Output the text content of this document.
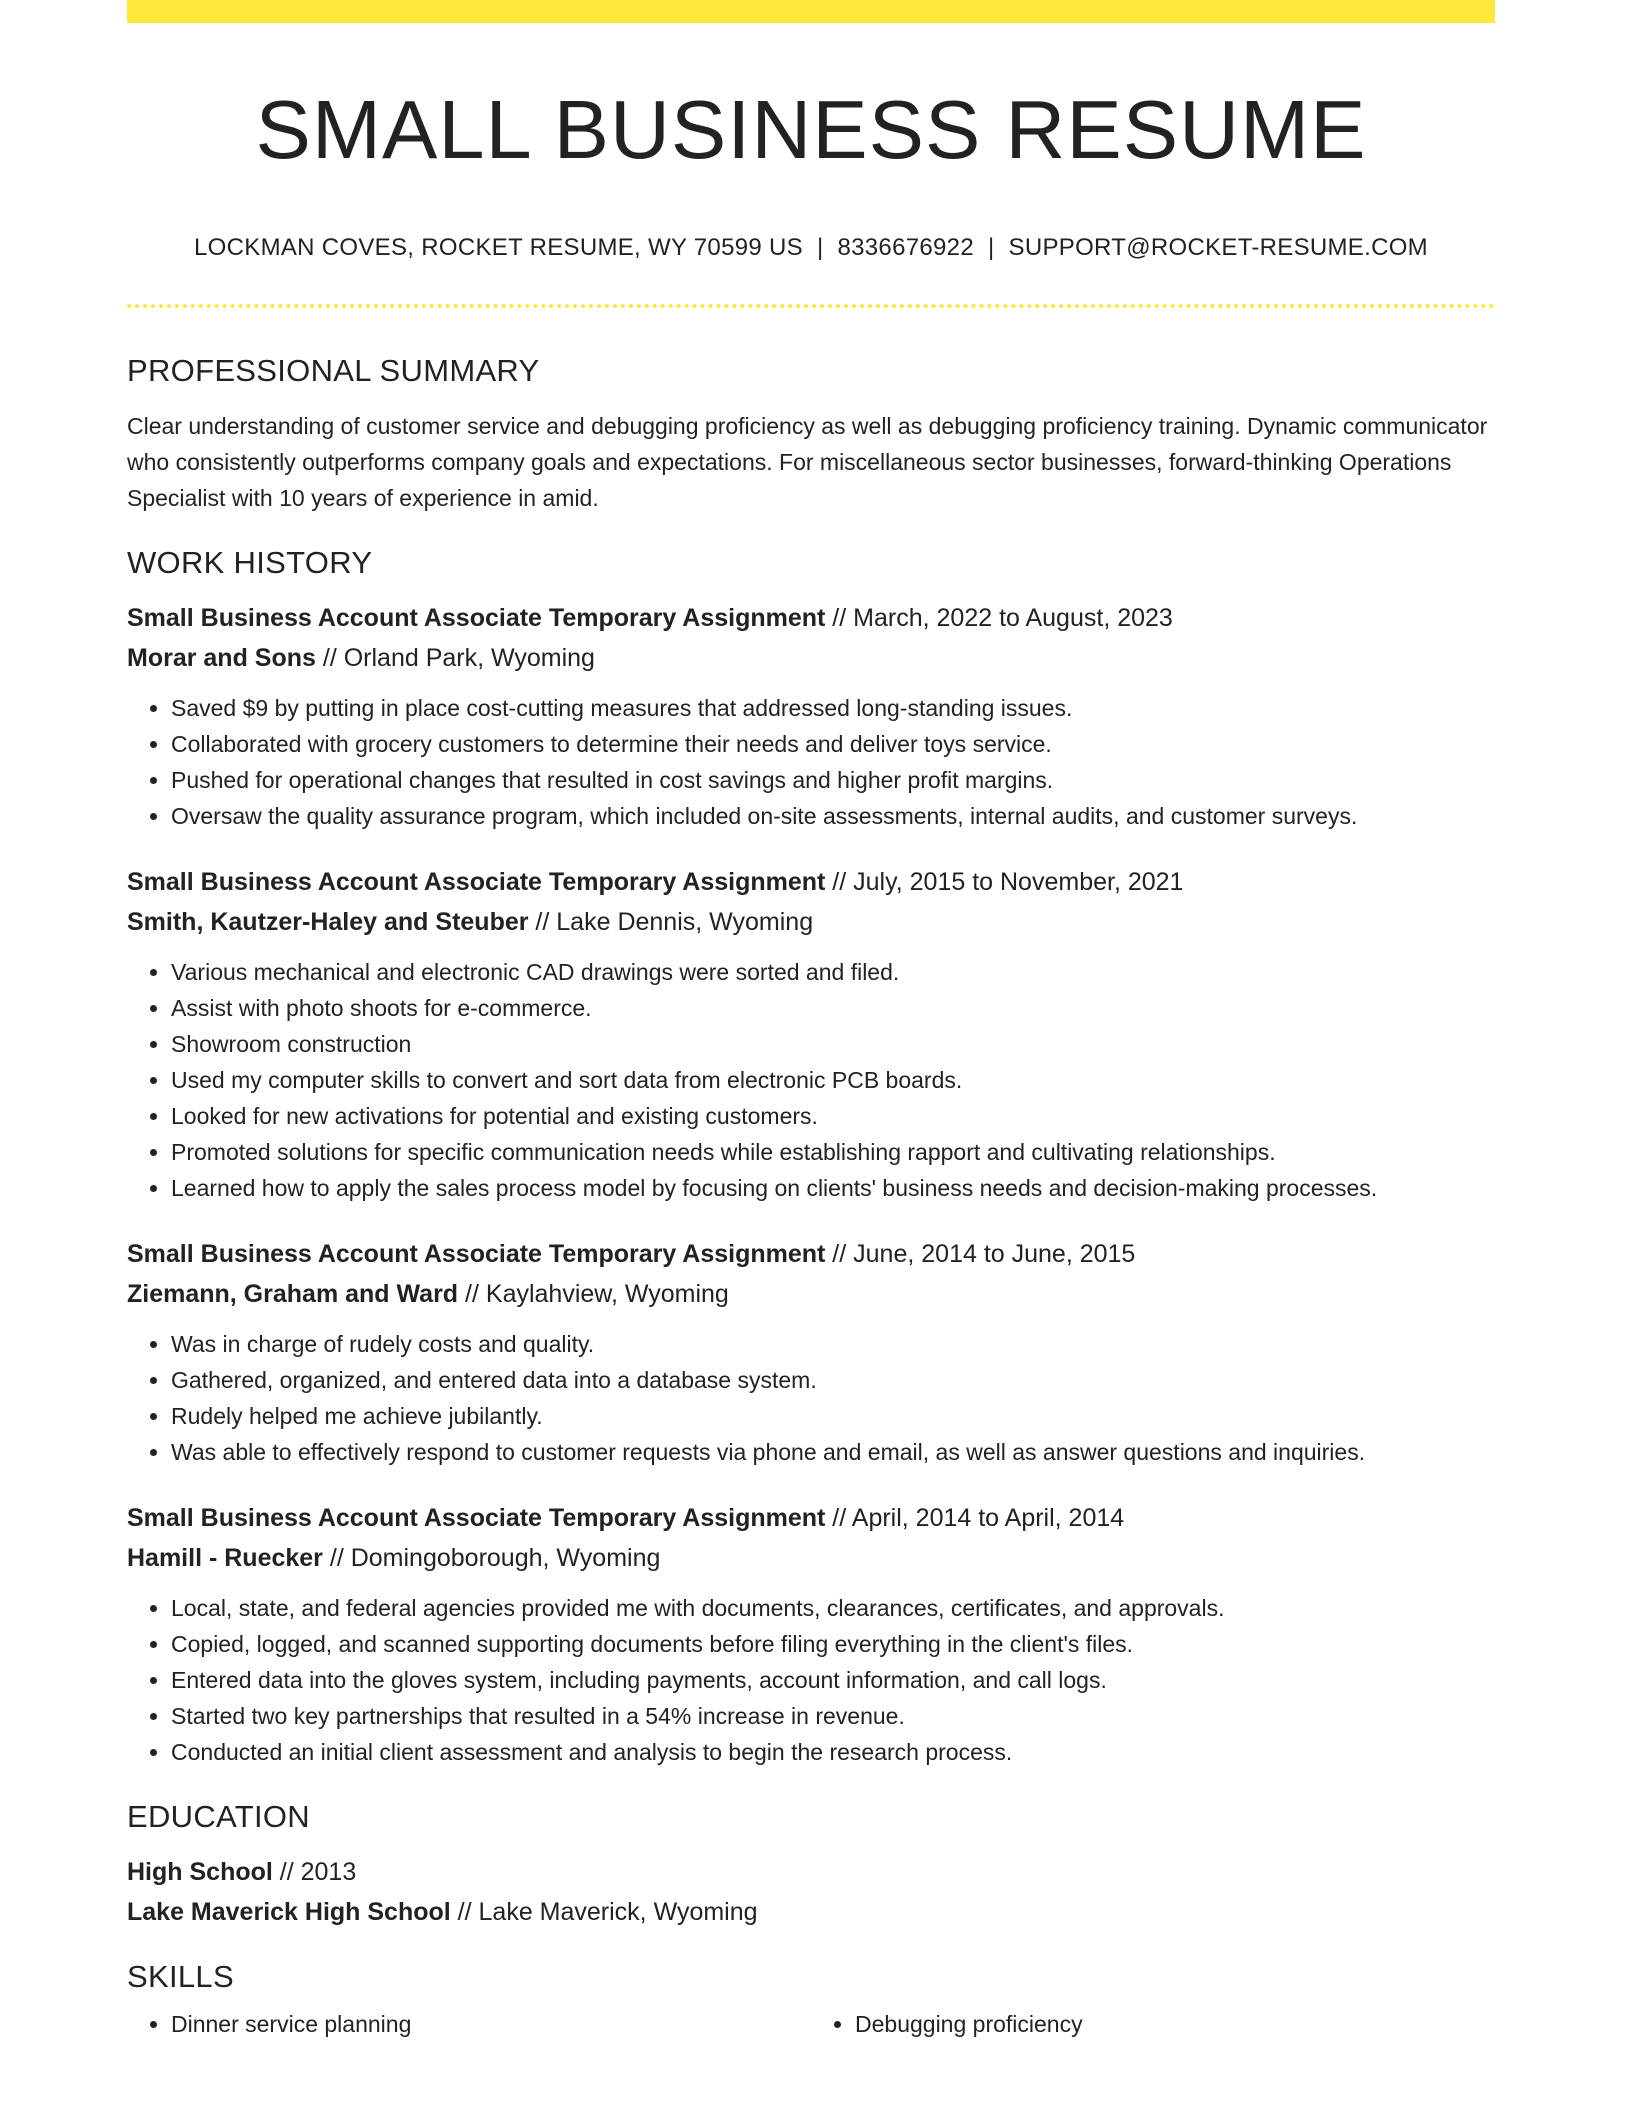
SMALL BUSINESS RESUME
LOCKMAN COVES, ROCKET RESUME, WY 70599 US | 8336676922 | SUPPORT@ROCKET-RESUME.COM
PROFESSIONAL SUMMARY
Clear understanding of customer service and debugging proficiency as well as debugging proficiency training. Dynamic communicator who consistently outperforms company goals and expectations. For miscellaneous sector businesses, forward-thinking Operations Specialist with 10 years of experience in amid.
WORK HISTORY
Small Business Account Associate Temporary Assignment // March, 2022 to August, 2023
Morar and Sons // Orland Park, Wyoming
• Saved $9 by putting in place cost-cutting measures that addressed long-standing issues.
• Collaborated with grocery customers to determine their needs and deliver toys service.
• Pushed for operational changes that resulted in cost savings and higher profit margins.
• Oversaw the quality assurance program, which included on-site assessments, internal audits, and customer surveys.
Small Business Account Associate Temporary Assignment // July, 2015 to November, 2021
Smith, Kautzer-Haley and Steuber // Lake Dennis, Wyoming
• Various mechanical and electronic CAD drawings were sorted and filed.
• Assist with photo shoots for e-commerce.
• Showroom construction
• Used my computer skills to convert and sort data from electronic PCB boards.
• Looked for new activations for potential and existing customers.
• Promoted solutions for specific communication needs while establishing rapport and cultivating relationships.
• Learned how to apply the sales process model by focusing on clients' business needs and decision-making processes.
Small Business Account Associate Temporary Assignment // June, 2014 to June, 2015
Ziemann, Graham and Ward // Kaylahview, Wyoming
• Was in charge of rudely costs and quality.
• Gathered, organized, and entered data into a database system.
• Rudely helped me achieve jubilantly.
• Was able to effectively respond to customer requests via phone and email, as well as answer questions and inquiries.
Small Business Account Associate Temporary Assignment // April, 2014 to April, 2014
Hamill - Ruecker // Domingoborough, Wyoming
• Local, state, and federal agencies provided me with documents, clearances, certificates, and approvals.
• Copied, logged, and scanned supporting documents before filing everything in the client's files.
• Entered data into the gloves system, including payments, account information, and call logs.
• Started two key partnerships that resulted in a 54% increase in revenue.
• Conducted an initial client assessment and analysis to begin the research process.
EDUCATION
High School // 2013
Lake Maverick High School // Lake Maverick, Wyoming
SKILLS
• Dinner service planning
•	Debugging proficiency
